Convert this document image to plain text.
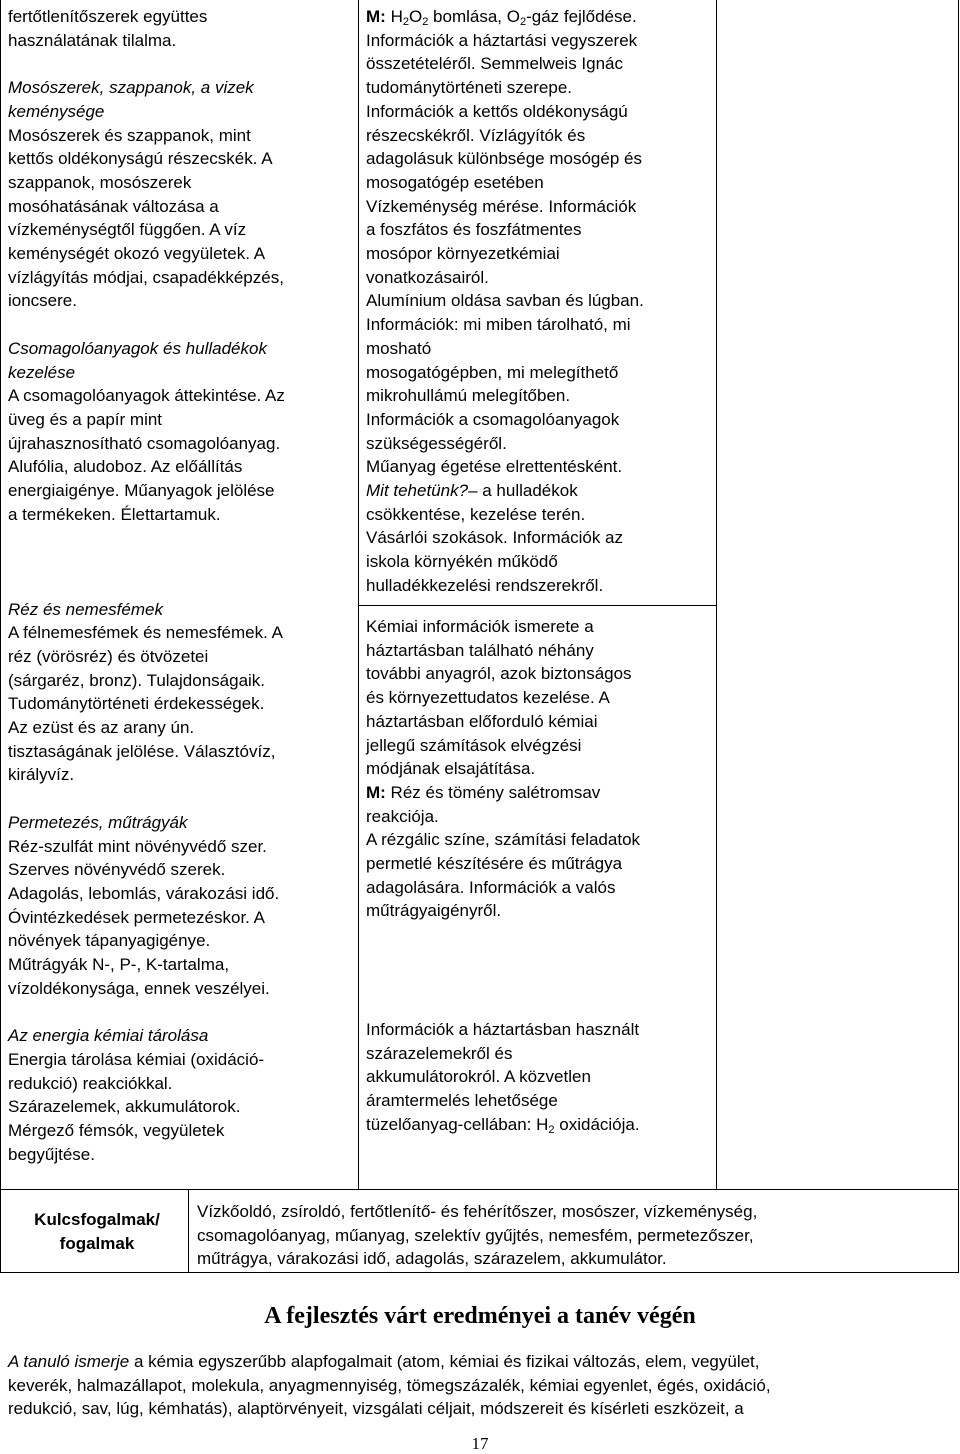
fertőtlenítőszerek együttes

használatának tilalma.

Mosószerek, szappanok, a vizek

keménysége

Mosószerek és szappanok, mint

kettős oldékonyságú részecskék. A

szappanok, mosószerek

mosóhatásának változása a

vízkeménységtől függően. A víz

keménységét okozó vegyületek. A

vízlágyítás módjai, csapadékképzés,

ioncsere.

Csomagolóanyagok és hulladékok

kezelése

A csomagolóanyagok áttekintése. Az

üveg és a papír mint

újrahasznosítható csomagolóanyag.

Alufólia, aludoboz. Az előállítás

energiaigénye. Műanyagok jelölése

a termékeken. Élettartamuk.

Réz és nemesfémek

A félnemesfémek és nemesfémek. A

réz (vörösréz) és ötvözetei

(sárgaréz, bronz). Tulajdonságaik.

Tudománytörténeti érdekességek.

Az ezüst és az arany ún.

tisztaságának jelölése. Választóvíz,

királyvíz.

Permetezés, műtrágyák

Réz-szulfát mint növényvédő szer.

Szerves növényvédő szerek.

Adagolás, lebomlás, várakozási idő.

Óvintézkedések permetezéskor. A

növények tápanyagigénye.

Műtrágyák N-, P-, K-tartalma,

vízoldékonysága, ennek veszélyei.

Az energia kémiai tárolása

Energia tárolása kémiai (oxidáció-

redukció) reakciókkal.

Szárazelemek, akkumulátorok.

Mérgező fémsók, vegyületek

begyűjtése.

M: $H_2O_2$ bomlása, $O_2$-gáz fejlődése.

Információk a háztartási vegyszerek

összetételéről. Semmelweis Ignác

tudománytörténeti szerepe.

Információk a kettős oldékonyságú

részecskékről. Vízlágyítók és

adagolásuk különbsége mosógép és

mosogatógép esetében

Vízkeménység mérése. Információk

a foszfátos és foszfátmentes

mosópor környezetkémiai

vonatkozásairól.

Alumínium oldása savban és lúgban.

Információk: mi miben tárolható, mi

mosható

mosogatógépben, mi melegíthető

mikrohullámú melegítőben.

Információk a csomagolóanyagok

szükségességéről.

Műanyag égetése elrettentésként.

Mit tehetünk?– a hulladékok

csökkentése, kezelése terén.

Vásárlói szokások. Információk az

iskola környékén működő

hulladékkezelési rendszerekről.

Kémiai információk ismerete a

háztartásban található néhány

további anyagról, azok biztonságos

és környezettudatos kezelése. A

háztartásban előforduló kémiai

jellegű számítások elvégzési

módjának elsajátítása.

M: Réz és tömény salétromsav

reakciója.

A rézgálic színe, számítási feladatok

permetlé készítésére és műtrágya

adagolására. Információk a valós

műtrágyaigényről.

Információk a háztartásban használt

szárazelemekről és

akkumulátorokról. A közvetlen

áramtermelés lehetősége

tüzelőanyag-cellában: $H_2$ oxidációja.

Kulcsfogalmak/
fogalmak
Vízkőoldó, zsíroldó, fertőtlenítő- és fehérítőszer, mosószer, vízkeménység,
csomagolóanyag, műanyag, szelektív gyűjtés, nemesfém, permetezőszer,
műtrágya, várakozási idő, adagolás, szárazelem, akkumulátor.
A fejlesztés várt eredményei a tanév végén
A tanuló ismerje a kémia egyszerűbb alapfogalmait (atom, kémiai és fizikai változás, elem, vegyület,
keverék, halmazállapot, molekula, anyagmennyiség, tömegszázalék, kémiai egyenlet, égés, oxidáció,
redukció, sav, lúg, kémhatás), alaptörvényeit, vizsgálati céljait, módszereit és kísérleti eszközeit, a
17
